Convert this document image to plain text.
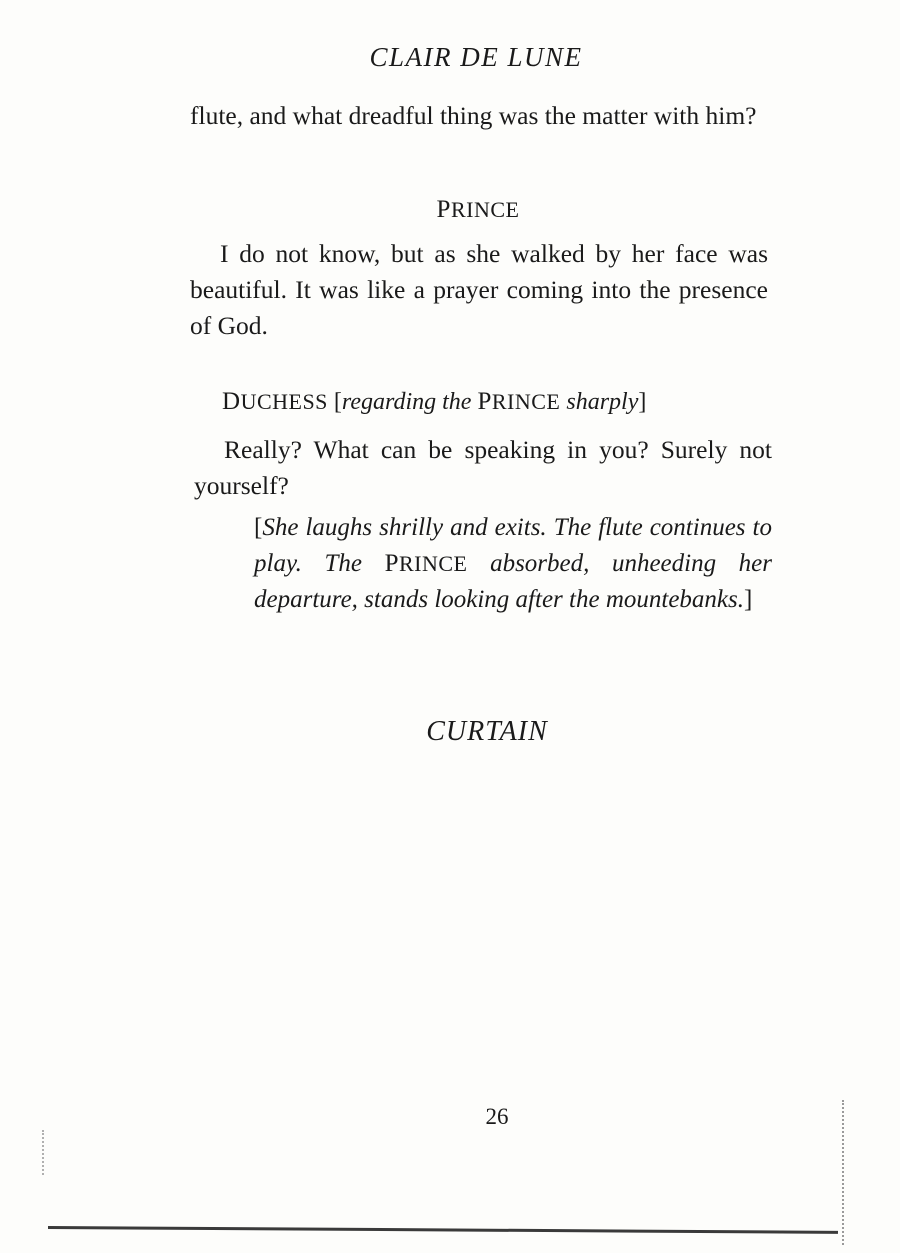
CLAIR DE LUNE
flute, and what dreadful thing was the matter with him?
PRINCE
I do not know, but as she walked by her face was beautiful. It was like a prayer coming into the presence of God.
DUCHESS [regarding the PRINCE sharply]
Really? What can be speaking in you? Surely not yourself?
[She laughs shrilly and exits. The flute continues to play. The PRINCE absorbed, unheeding her departure, stands looking after the mountebanks.]
CURTAIN
26
